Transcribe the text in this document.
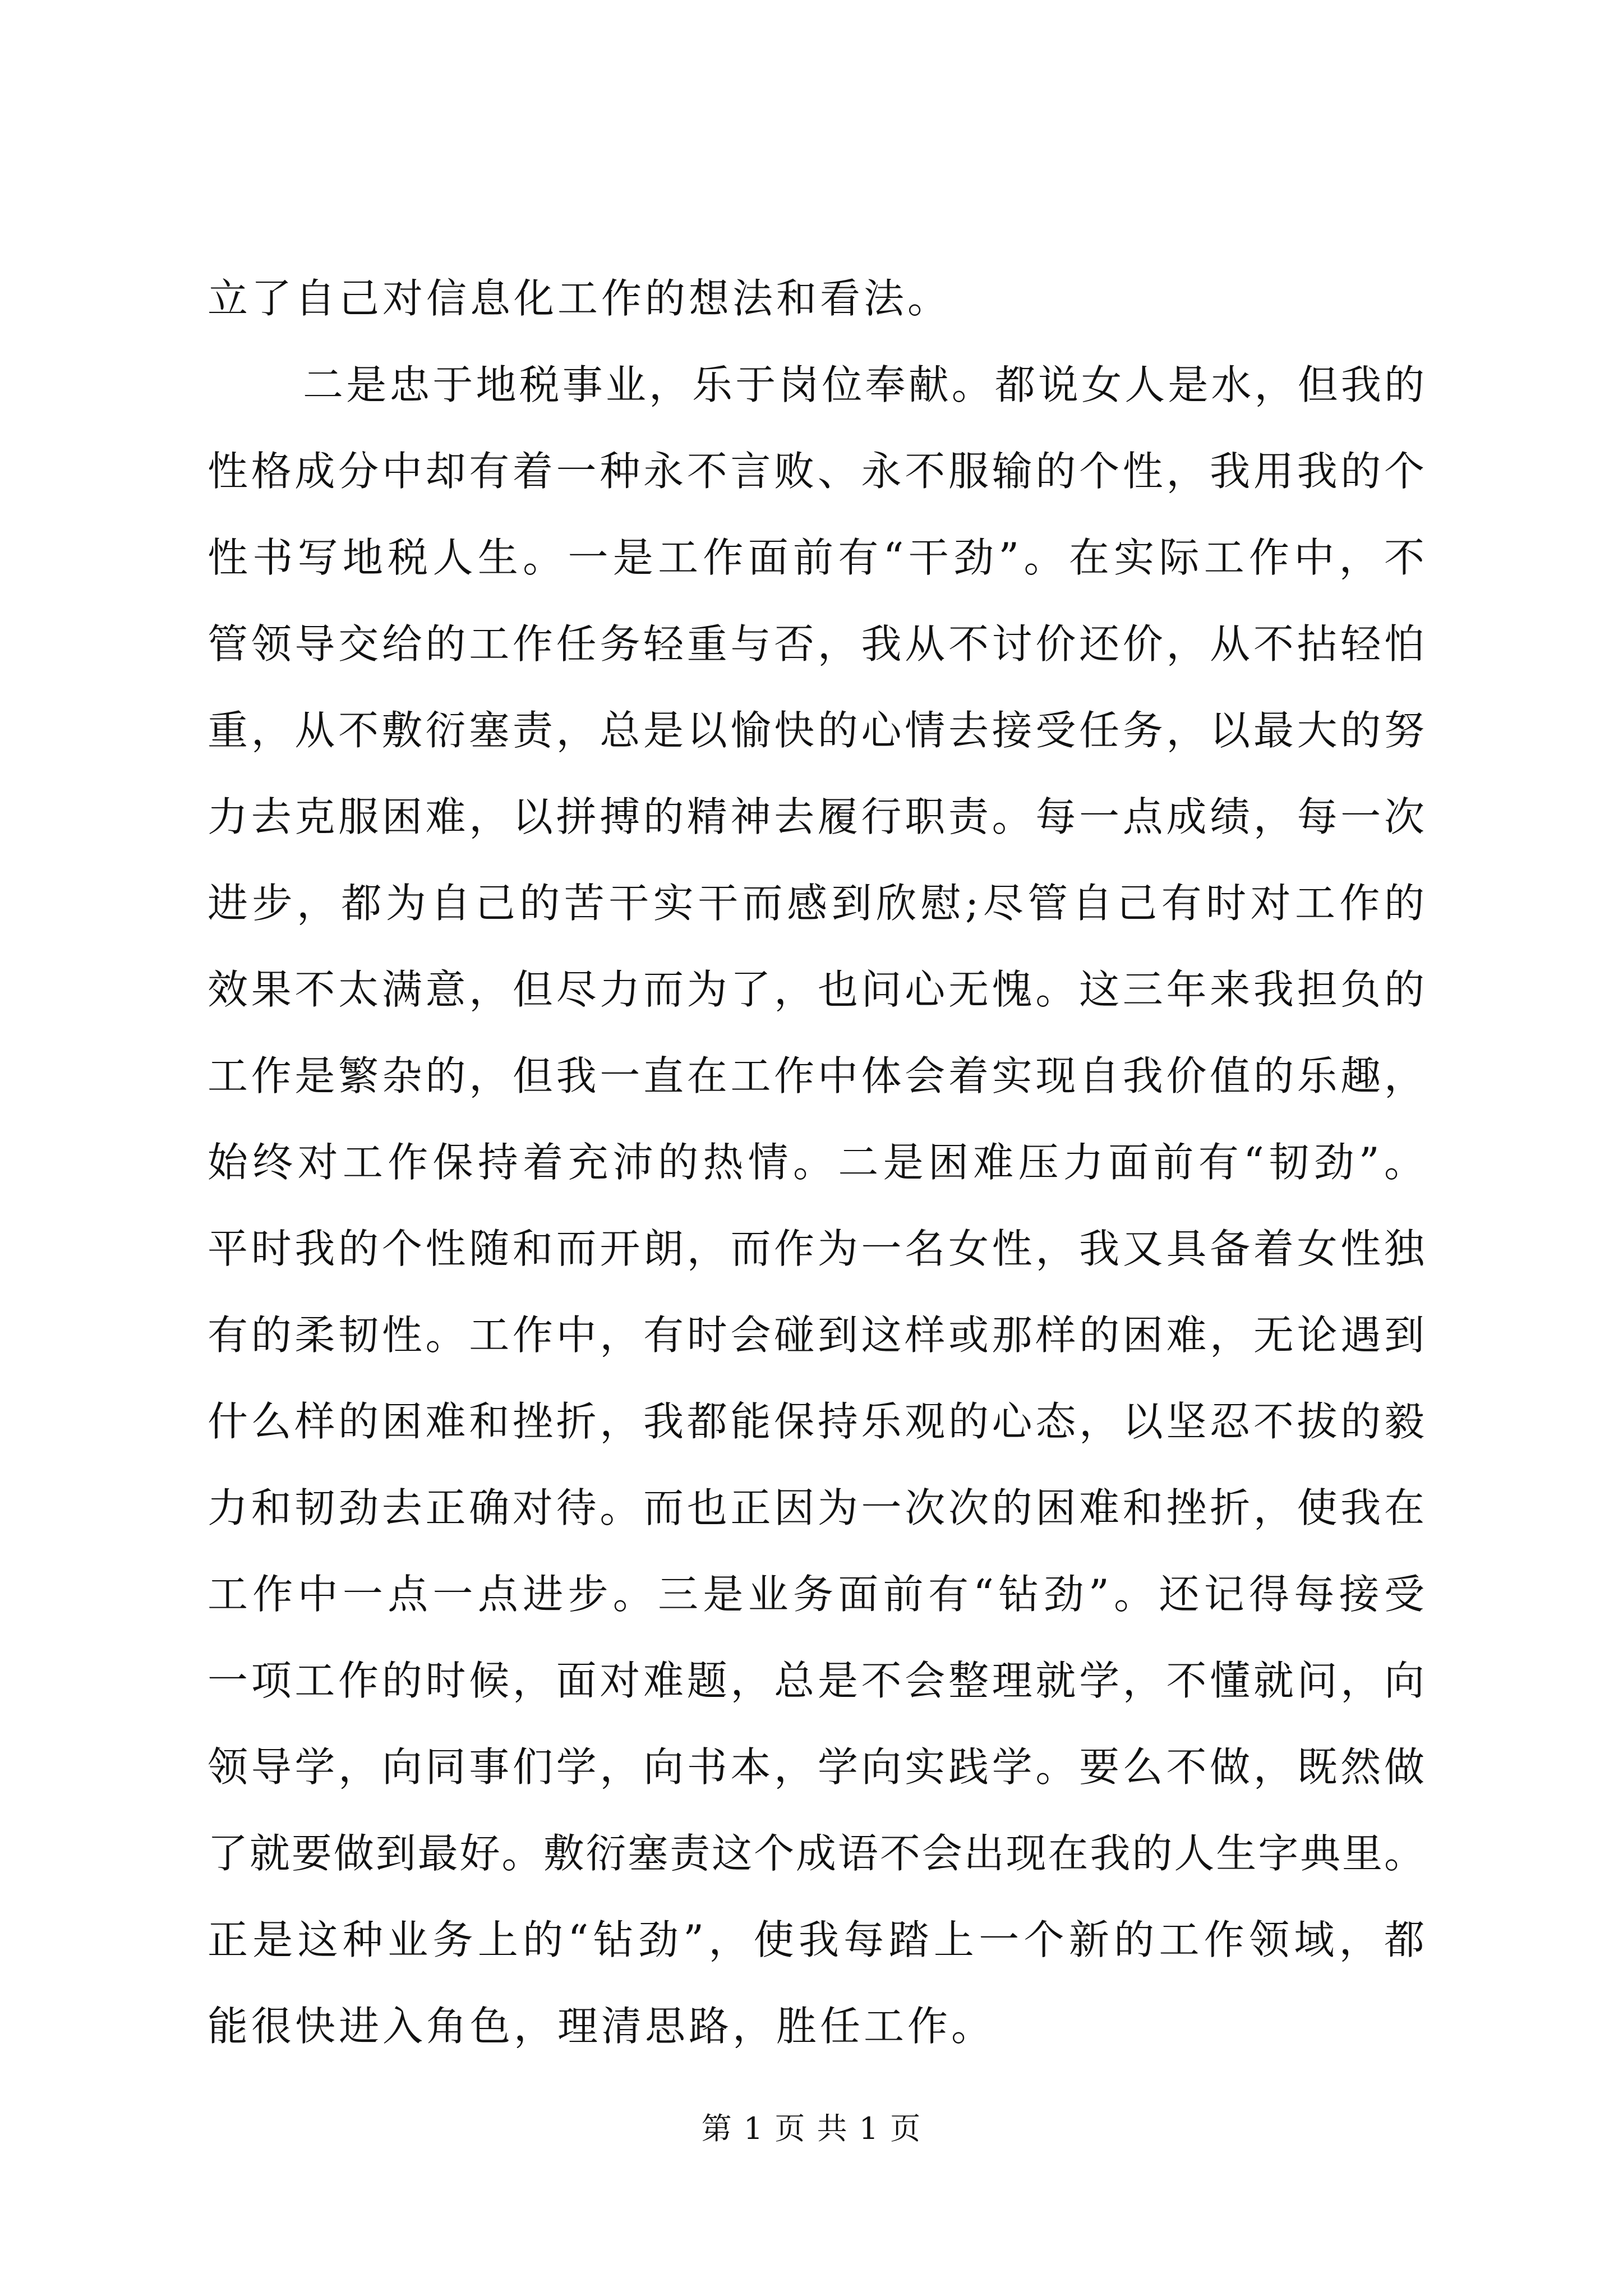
立了自己对信息化工作的想法和看法。
二是忠于地税事业，乐于岗位奉献。都说女人是水，但我的
性格成分中却有着一种永不言败、永不服输的个性，我用我的个
性书写地税人生。一是工作面前有“干劲”。在实际工作中，不
管领导交给的工作任务轻重与否，我从不讨价还价，从不拈轻怕
重，从不敷衍塞责，总是以愉快的心情去接受任务，以最大的努
力去克服困难，以拼搏的精神去履行职责。每一点成绩，每一次
进步，都为自己的苦干实干而感到欣慰;尽管自己有时对工作的
效果不太满意，但尽力而为了，也问心无愧。这三年来我担负的
工作是繁杂的，但我一直在工作中体会着实现自我价值的乐趣，
始终对工作保持着充沛的热情。二是困难压力面前有“韧劲”。
平时我的个性随和而开朗，而作为一名女性，我又具备着女性独
有的柔韧性。工作中，有时会碰到这样或那样的困难，无论遇到
什么样的困难和挫折，我都能保持乐观的心态，以坚忍不拔的毅
力和韧劲去正确对待。而也正因为一次次的困难和挫折，使我在
工作中一点一点进步。三是业务面前有“钻劲”。还记得每接受
一项工作的时候，面对难题，总是不会整理就学，不懂就问，向
领导学，向同事们学，向书本，学向实践学。要么不做，既然做
了就要做到最好。敷衍塞责这个成语不会出现在我的人生字典里。
正是这种业务上的“钻劲”，使我每踏上一个新的工作领域，都
能很快进入角色，理清思路，胜任工作。
第 1 页 共 1 页
